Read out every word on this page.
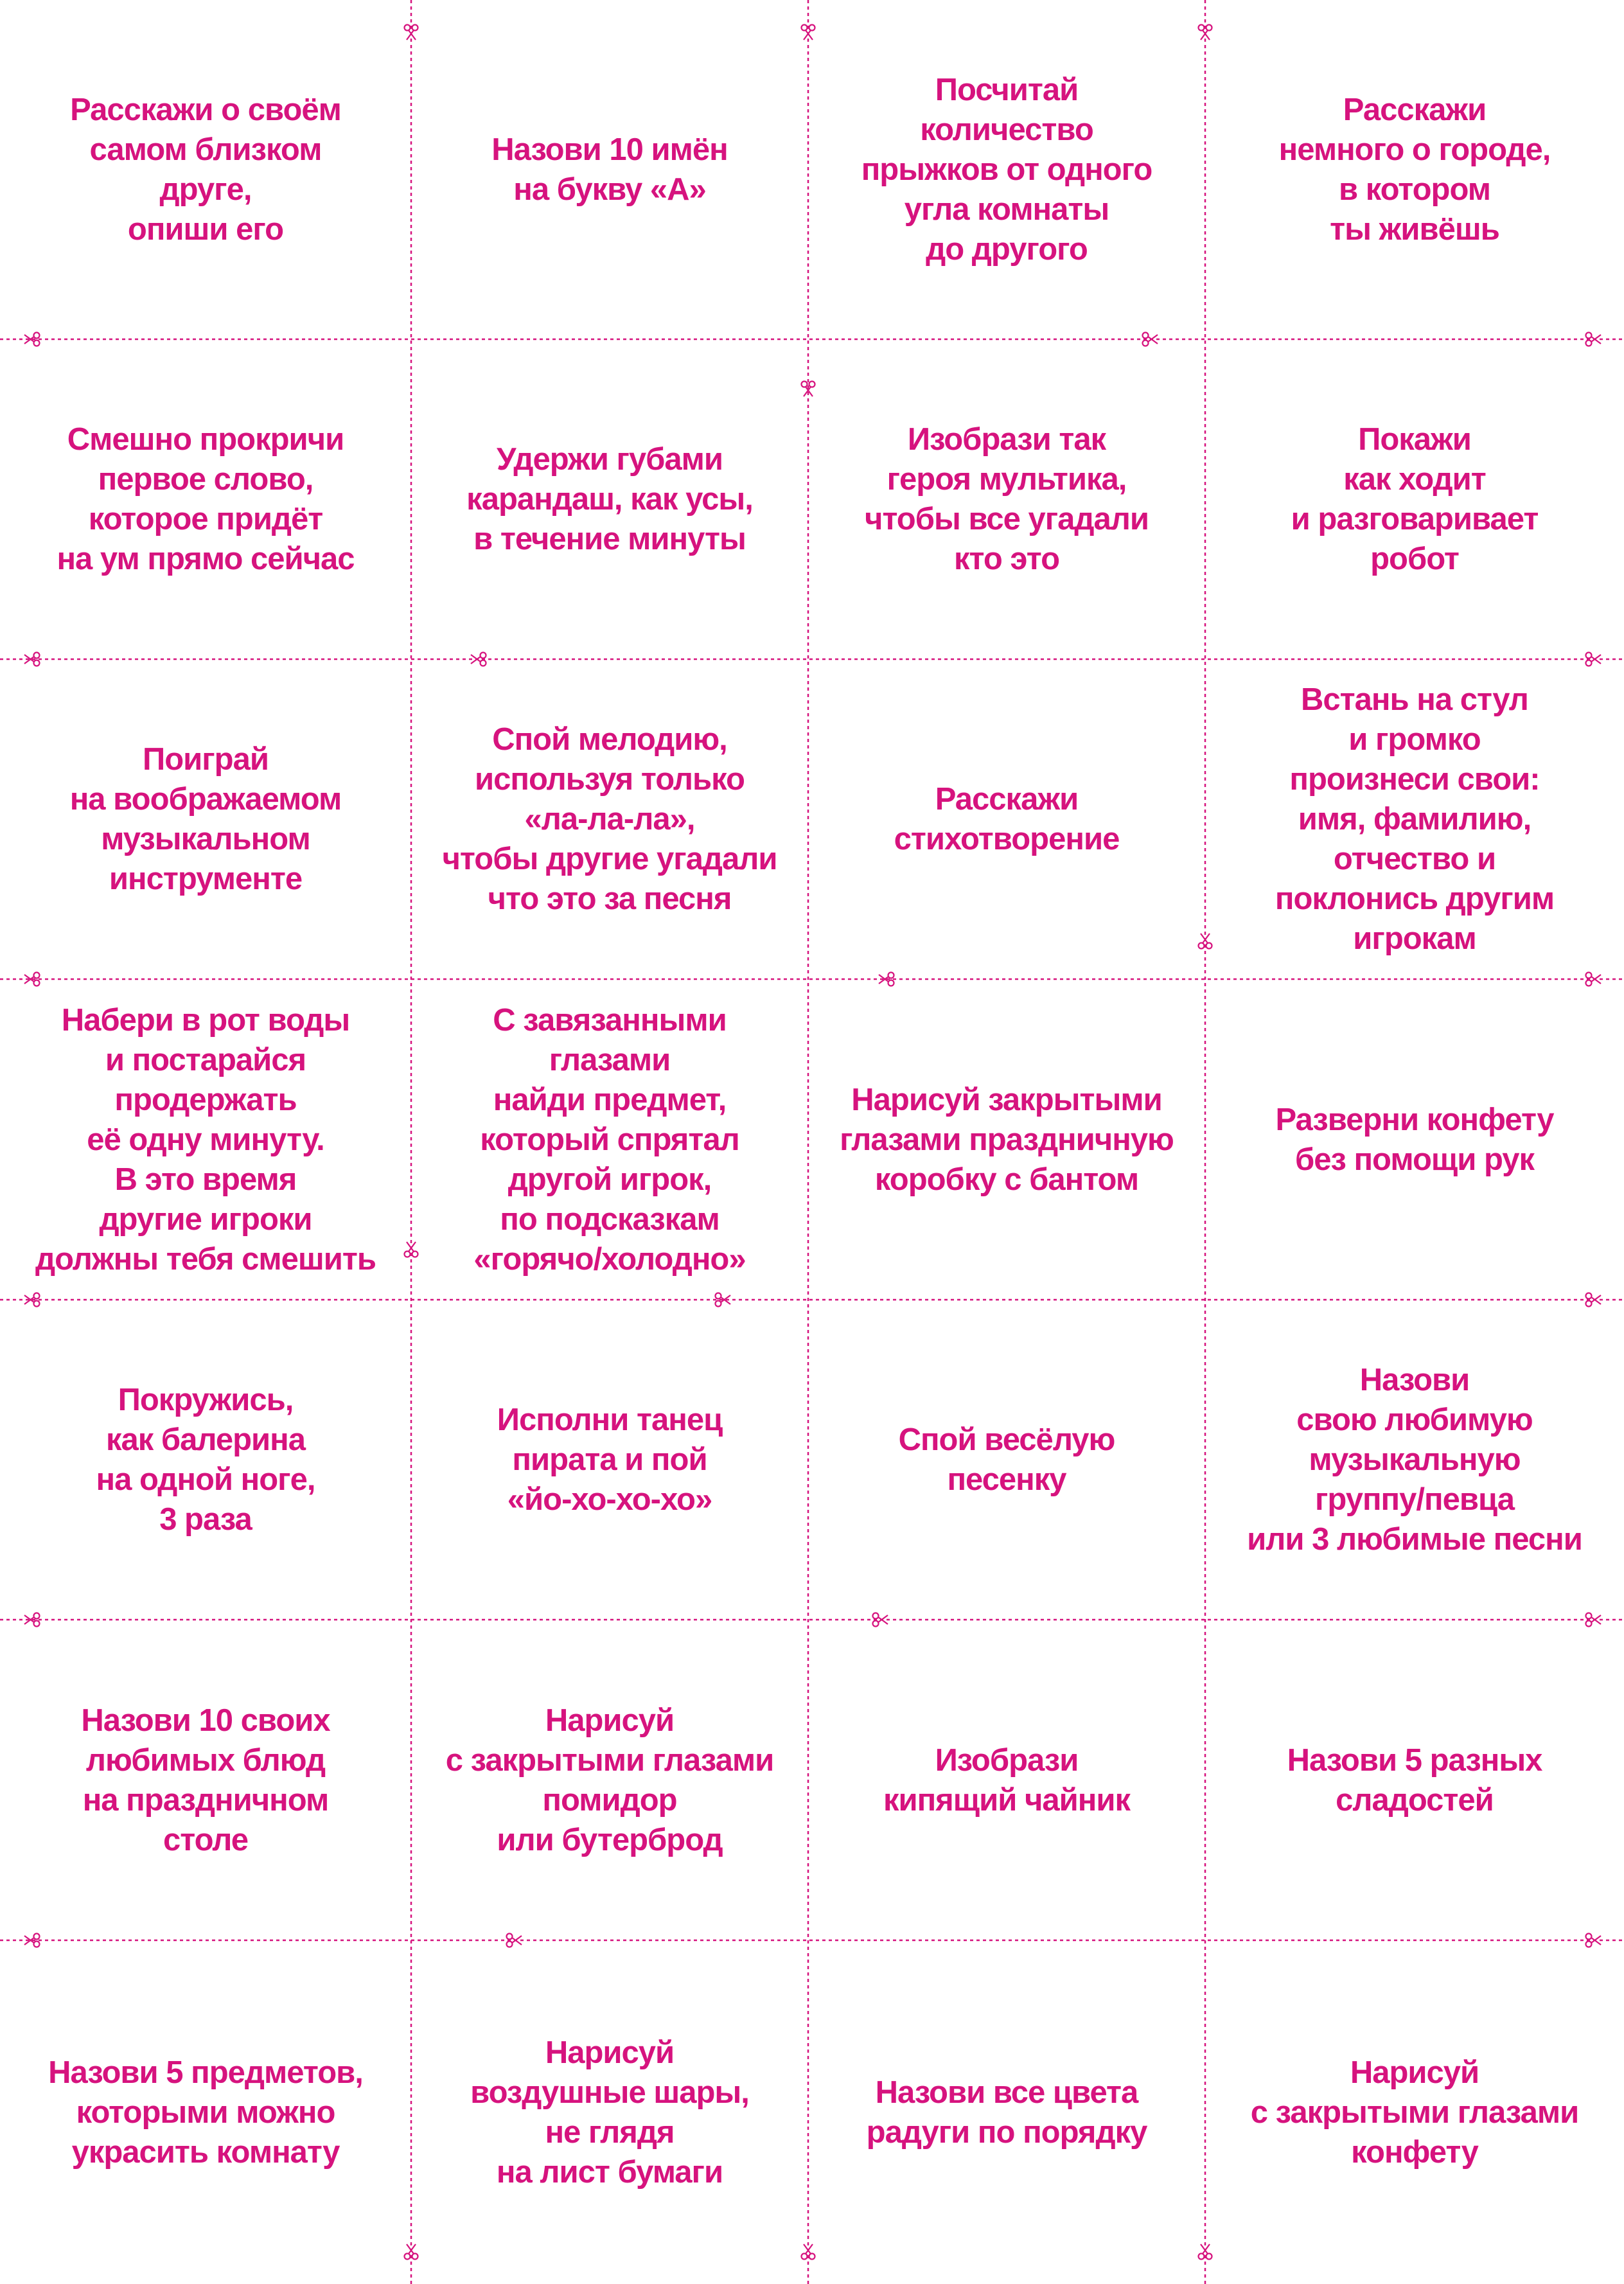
Расскажи о своём
самом близком
друге,
опиши его

Назови 10 имён
на букву «А»

Посчитай
количество
прыжков от одного
угла комнаты
до другого

Расскажи
немного о городе,
в котором
ты живёшь

Смешно прокричи
первое слово,
которое придёт
на ум прямо сейчас

Удержи губами
карандаш, как усы,
в течение минуты

Изобрази так
героя мультика,
чтобы все угадали
кто это

Покажи
как ходит
и разговаривает
робот

Поиграй
на воображаемом
музыкальном
инструменте

Спой мелодию,
используя только
«ла-ла-ла»,
чтобы другие угадали
что это за песня

Расскажи
стихотворение

Встань на стул
и громко
произнеси свои:
имя, фамилию,
отчество и
поклонись другим
игрокам

Набери в рот воды
и постарайся
продержать
её одну минуту.
В это время
другие игроки
должны тебя смешить

С завязанными
глазами
найди предмет,
который спрятал
другой игрок,
по подсказкам
«горячо/холодно»

Нарисуй закрытыми
глазами праздничную
коробку с бантом

Разверни конфету
без помощи рук

Покружись,
как балерина
на одной ноге,
3 раза

Исполни танец
пирата и пой
«йо-хо-хо-хо»

Спой весёлую
песенку

Назови
свою любимую
музыкальную
группу/певца
или 3 любимые песни

Назови 10 своих
любимых блюд
на праздничном
столе

Нарисуй
с закрытыми глазами
помидор
или бутерброд

Изобрази
кипящий чайник

Назови 5 разных
сладостей

Назови 5 предметов,
которыми можно
украсить комнату

Нарисуй
воздушные шары,
не глядя
на лист бумаги

Назови все цвета
радуги по порядку

Нарисуй
с закрытыми глазами
конфету
